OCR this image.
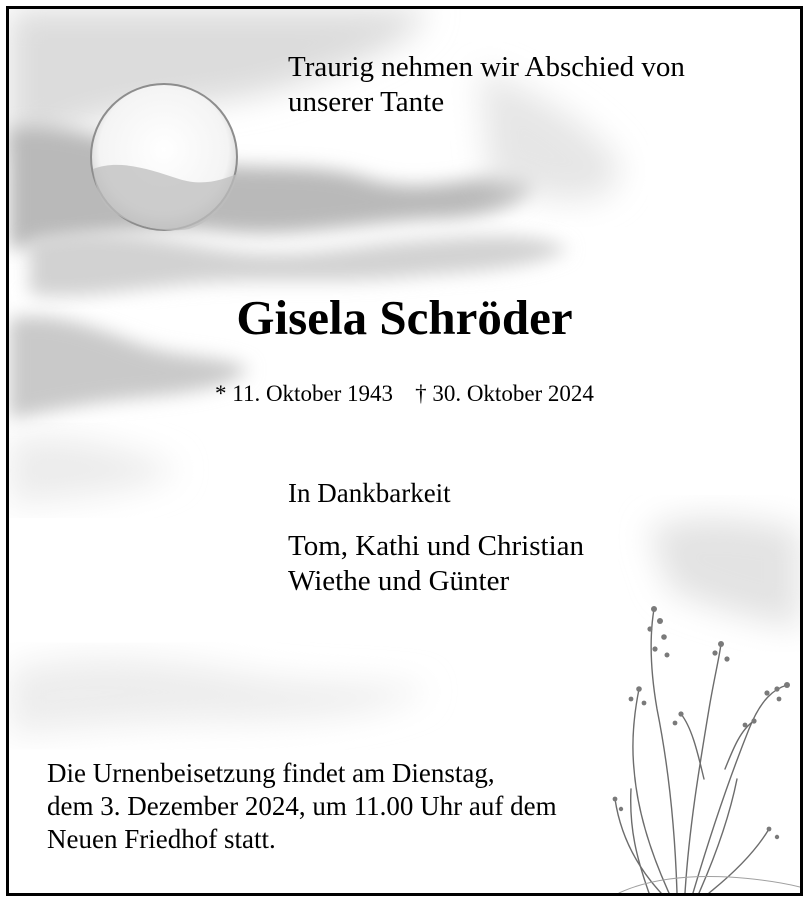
Traurig nehmen wir Abschied von
unserer Tante
Gisela Schröder
* 11. Oktober 1943 † 30. Oktober 2024
In Dankbarkeit
Tom, Kathi und Christian
Wiethe und Günter
Die Urnenbeisetzung findet am Dienstag,
dem 3. Dezember 2024, um 11.00 Uhr auf dem
Neuen Friedhof statt.
